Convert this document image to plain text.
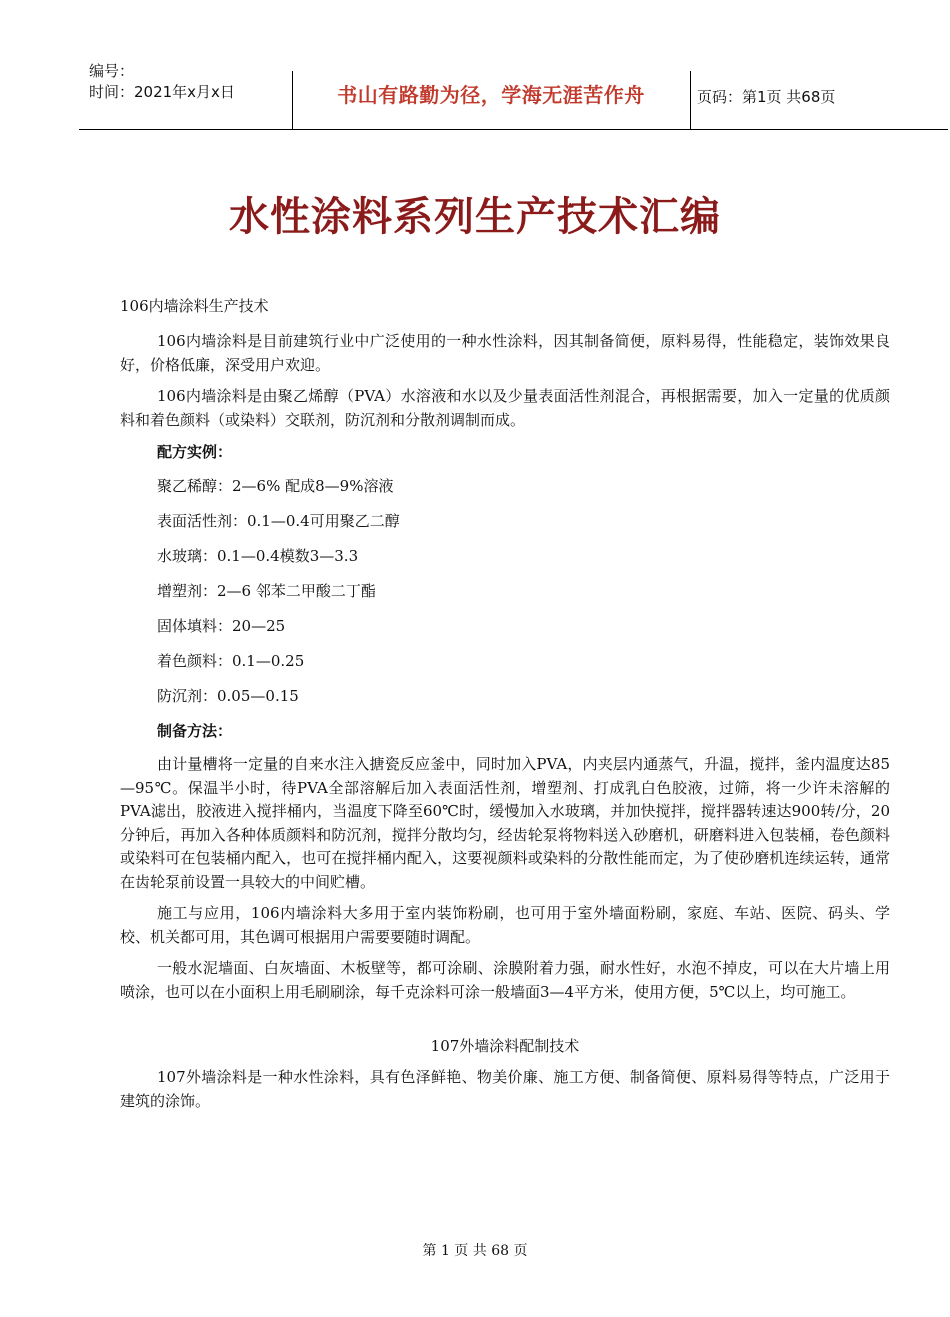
编号：
时间：2021年x月x日	书山有路勤为径，学海无涯苦作舟	页码：第1页 共68页
水性涂料系列生产技术汇编
106内墙涂料生产技术

106内墙涂料是目前建筑行业中广泛使用的一种水性涂料，因其制备简便，原料易得，性能稳定，装饰效果良好，价格低廉，深受用户欢迎。

106内墙涂料是由聚乙烯醇（PVA）水溶液和水以及少量表面活性剂混合，再根据需要，加入一定量的优质颜料和着色颜料（或染料）交联剂，防沉剂和分散剂调制而成。

配方实例：
聚乙稀醇：2—6% 配成8—9%溶液
表面活性剂：0.1—0.4可用聚乙二醇
水玻璃：0.1—0.4模数3—3.3
增塑剂：2—6 邻苯二甲酸二丁酯
固体填料：20—25
着色颜料：0.1—0.25
防沉剂：0.05—0.15
制备方法：

由计量槽将一定量的自来水注入搪瓷反应釜中，同时加入PVA，内夹层内通蒸气，升温，搅拌，釜内温度达85—95℃。保温半小时，待PVA全部溶解后加入表面活性剂，增塑剂、打成乳白色胶液，过筛，将一少许未溶解的PVA滤出，胶液进入搅拌桶内，当温度下降至60℃时，缓慢加入水玻璃，并加快搅拌，搅拌器转速达900转/分，20分钟后，再加入各种体质颜料和防沉剂，搅拌分散均匀，经齿轮泵将物料送入砂磨机，研磨料进入包装桶，卷色颜料或染料可在包装桶内配入，也可在搅拌桶内配入，这要视颜料或染料的分散性能而定，为了使砂磨机连续运转，通常在齿轮泵前设置一具较大的中间贮槽。

施工与应用，106内墙涂料大多用于室内装饰粉刷，也可用于室外墙面粉刷，家庭、车站、医院、码头、学校、机关都可用，其色调可根据用户需要要随时调配。

一般水泥墙面、白灰墙面、木板壁等，都可涂刷、涂膜附着力强，耐水性好，水泡不掉皮，可以在大片墙上用喷涂，也可以在小面积上用毛刷刷涂，每千克涂料可涂一般墙面3—4平方米，使用方便，5℃以上，均可施工。

107外墙涂料配制技术

107外墙涂料是一种水性涂料，具有色泽鲜艳、物美价廉、施工方便、制备简便、原料易得等特点，广泛用于建筑的涂饰。

第 1 页 共 68 页
